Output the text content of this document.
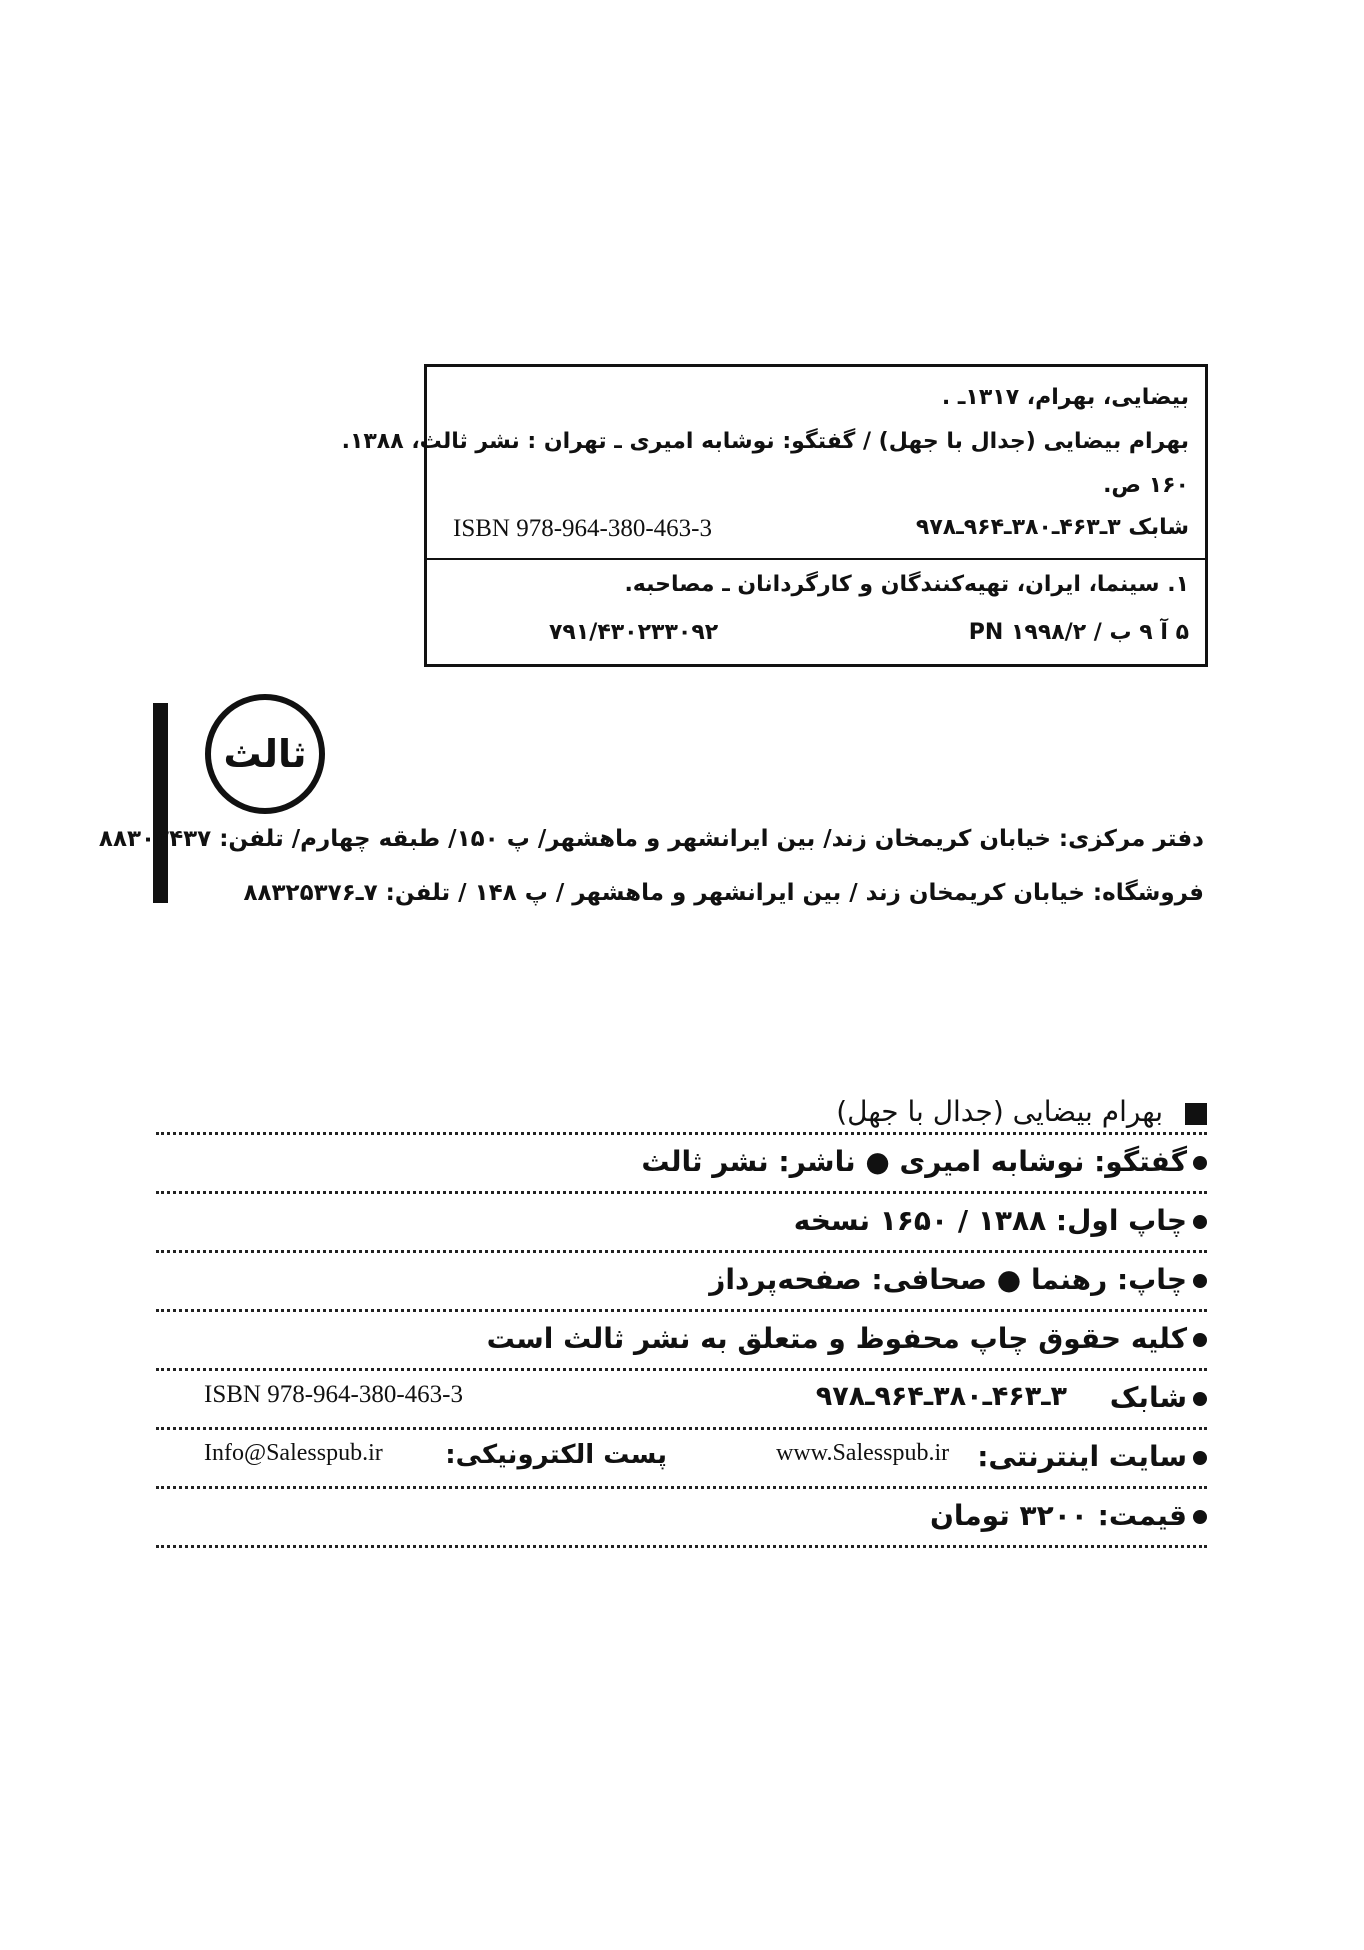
بیضایی، بهرام، ۱۳۱۷ـ .
بهرام بیضایی (جدال با جهل) / گفتگو: نوشابه امیری ـ تهران : نشر ثالث، ۱۳۸۸.
۱۶۰ ص.
شابک ۳ـ۴۶۳ـ۳۸۰ـ۹۶۴ـ۹۷۸
ISBN 978-964-380-463-3
۱. سینما، ایران، تهیه‌کنندگان و کارگردانان ـ مصاحبه.
۵ آ ۹ ب / PN ۱۹۹۸/۲
۷۹۱/۴۳۰۲۳۳۰۹۲
ثالث
دفتر مرکزی: خیابان کریمخان زند/ بین ایرانشهر و ماهشهر/ پ ۱۵۰/ طبقه چهارم/ تلفن: ۸۸۳۰۲۴۳۷
فروشگاه: خیابان کریمخان زند / بین ایرانشهر و ماهشهر / پ ۱۴۸ / تلفن: ۷ـ۸۸۳۲۵۳۷۶
بهرام بیضایی (جدال با جهل)
گفتگو: نوشابه امیری ● ناشر: نشر ثالث
چاپ اول: ۱۳۸۸ / ۱۶۵۰ نسخه
چاپ: رهنما ● صحافی: صفحه‌پرداز
کلیه حقوق چاپ محفوظ و متعلق به نشر ثالث است
شابک
۳ـ۴۶۳ـ۳۸۰ـ۹۶۴ـ۹۷۸
ISBN 978-964-380-463-3
سایت اینترنتی:
www.Salesspub.ir
پست الکترونیکی:
Info@Salesspub.ir
قیمت: ۳۲۰۰ تومان
